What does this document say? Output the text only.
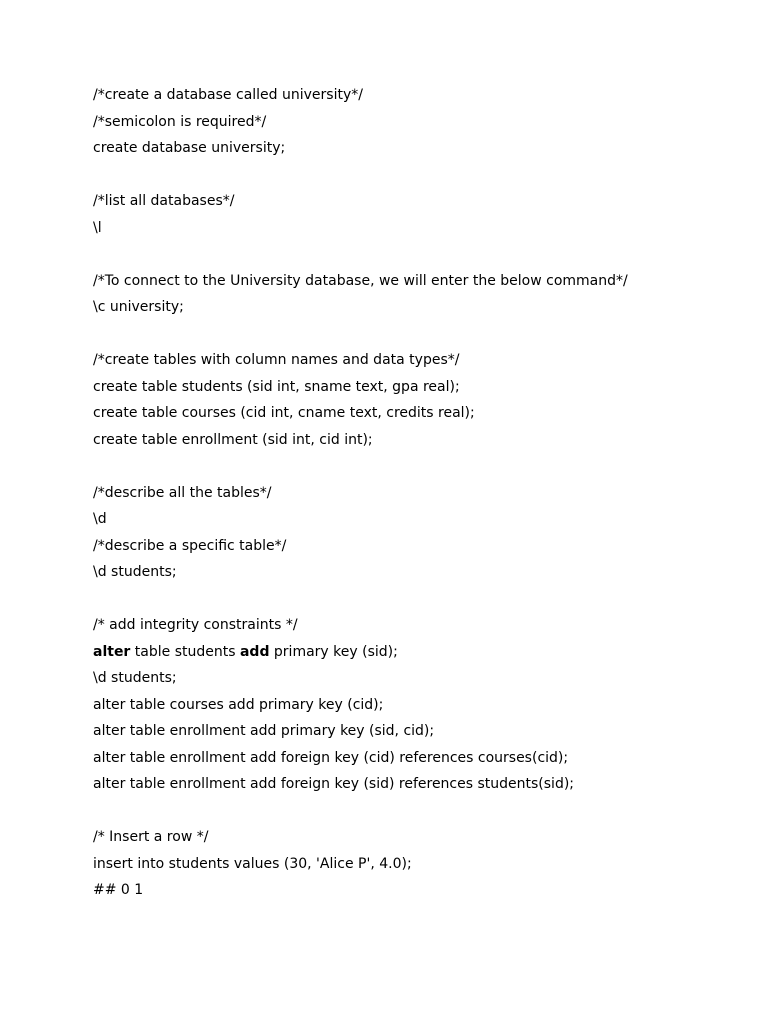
/*create a database called university*/
/*semicolon is required*/
create database university;
/*list all databases*/
\l
/*To connect to the University database, we will enter the below command*/
\c university;
/*create tables with column names and data types*/
create table students (sid int, sname text, gpa real);
create table courses (cid int, cname text, credits real);
create table enrollment (sid int, cid int);
/*describe all the tables*/
\d
/*describe a specific table*/
\d students;
/* add integrity constraints */
alter table students add primary key (sid);
\d students;
alter table courses add primary key (cid);
alter table enrollment add primary key (sid, cid);
alter table enrollment add foreign key (cid) references courses(cid);
alter table enrollment add foreign key (sid) references students(sid);
/* Insert a row */
insert into students values (30, 'Alice P', 4.0);
## 0 1
